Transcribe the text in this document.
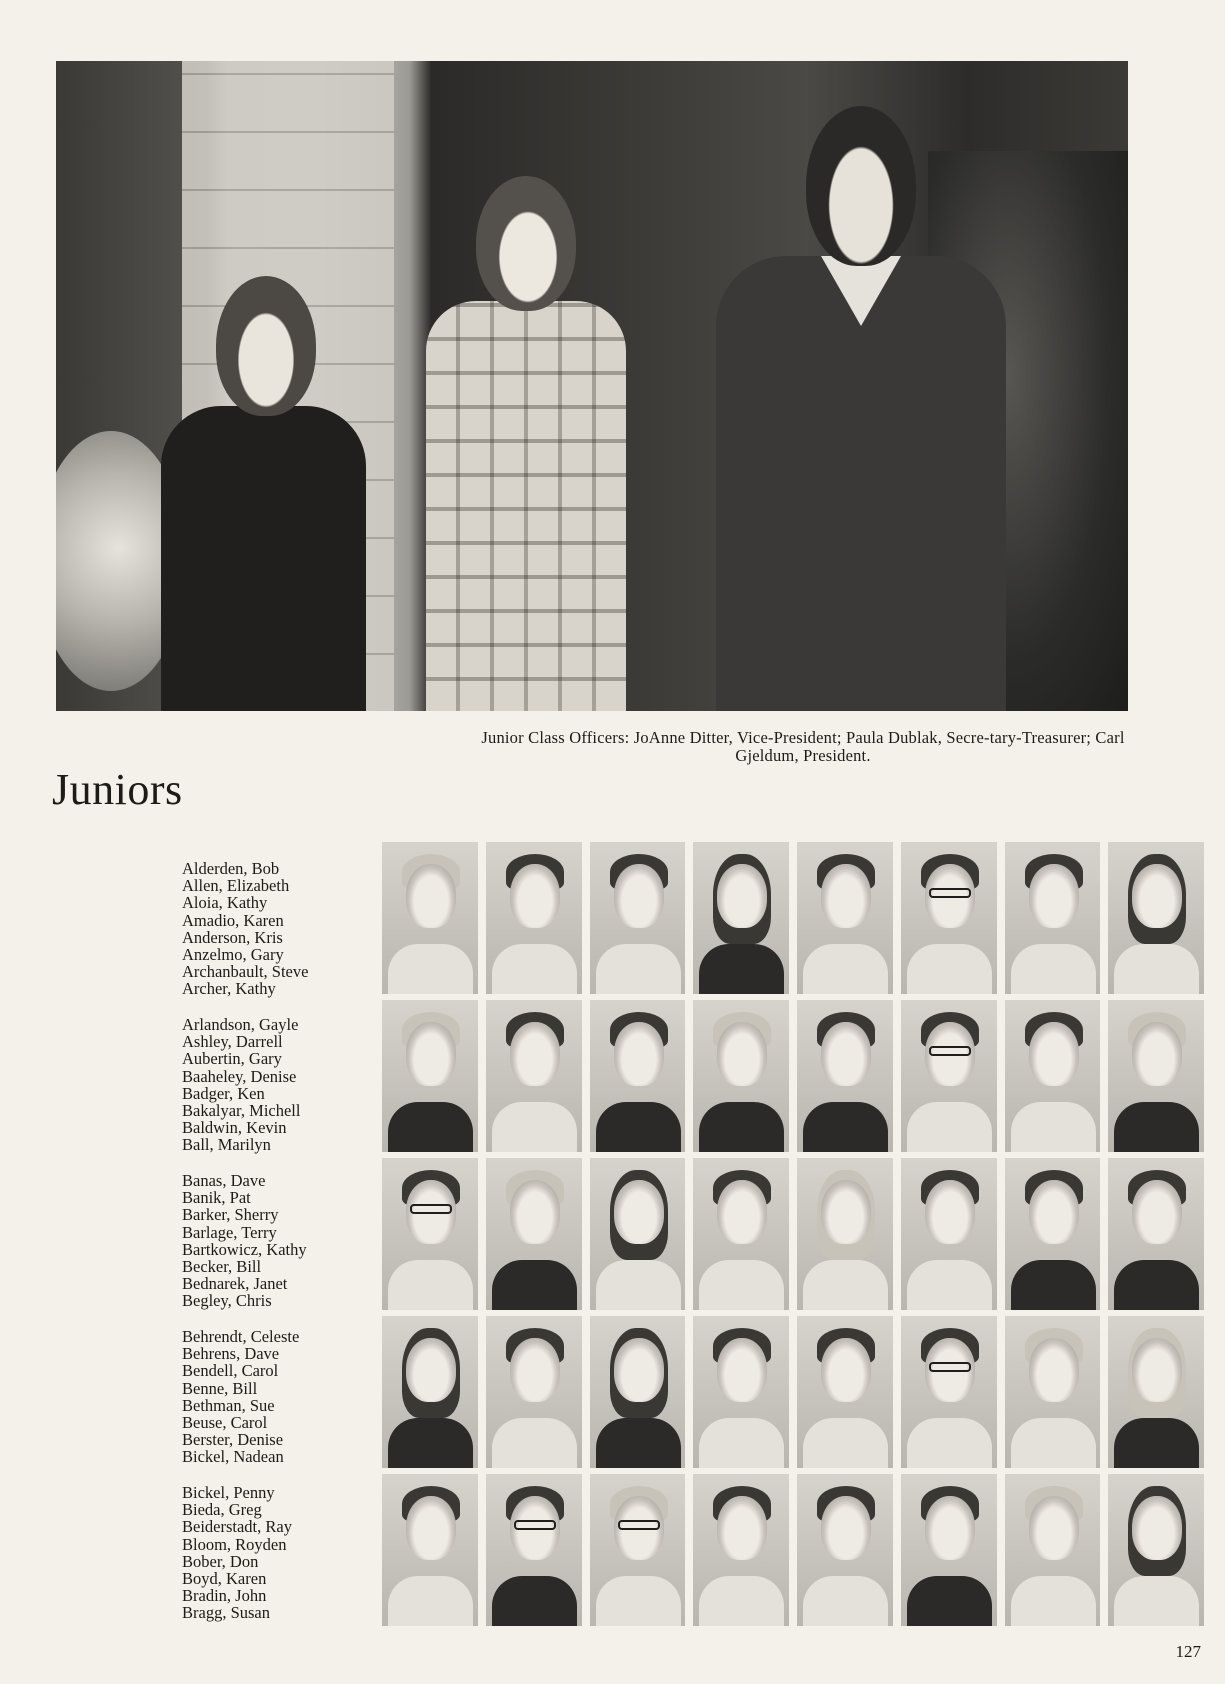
Junior Class Officers: JoAnne Ditter, Vice-President; Paula Dublak, Secre-tary-Treasurer; Carl Gjeldum, President.
Juniors
Alderden, Bob
Allen, Elizabeth
Aloia, Kathy
Amadio, Karen
Anderson, Kris
Anzelmo, Gary
Archanbault, Steve
Archer, Kathy
Arlandson, Gayle
Ashley, Darrell
Aubertin, Gary
Baaheley, Denise
Badger, Ken
Bakalyar, Michell
Baldwin, Kevin
Ball, Marilyn
Banas, Dave
Banik, Pat
Barker, Sherry
Barlage, Terry
Bartkowicz, Kathy
Becker, Bill
Bednarek, Janet
Begley, Chris
Behrendt, Celeste
Behrens, Dave
Bendell, Carol
Benne, Bill
Bethman, Sue
Beuse, Carol
Berster, Denise
Bickel, Nadean
Bickel, Penny
Bieda, Greg
Beiderstadt, Ray
Bloom, Royden
Bober, Don
Boyd, Karen
Bradin, John
Bragg, Susan
127
